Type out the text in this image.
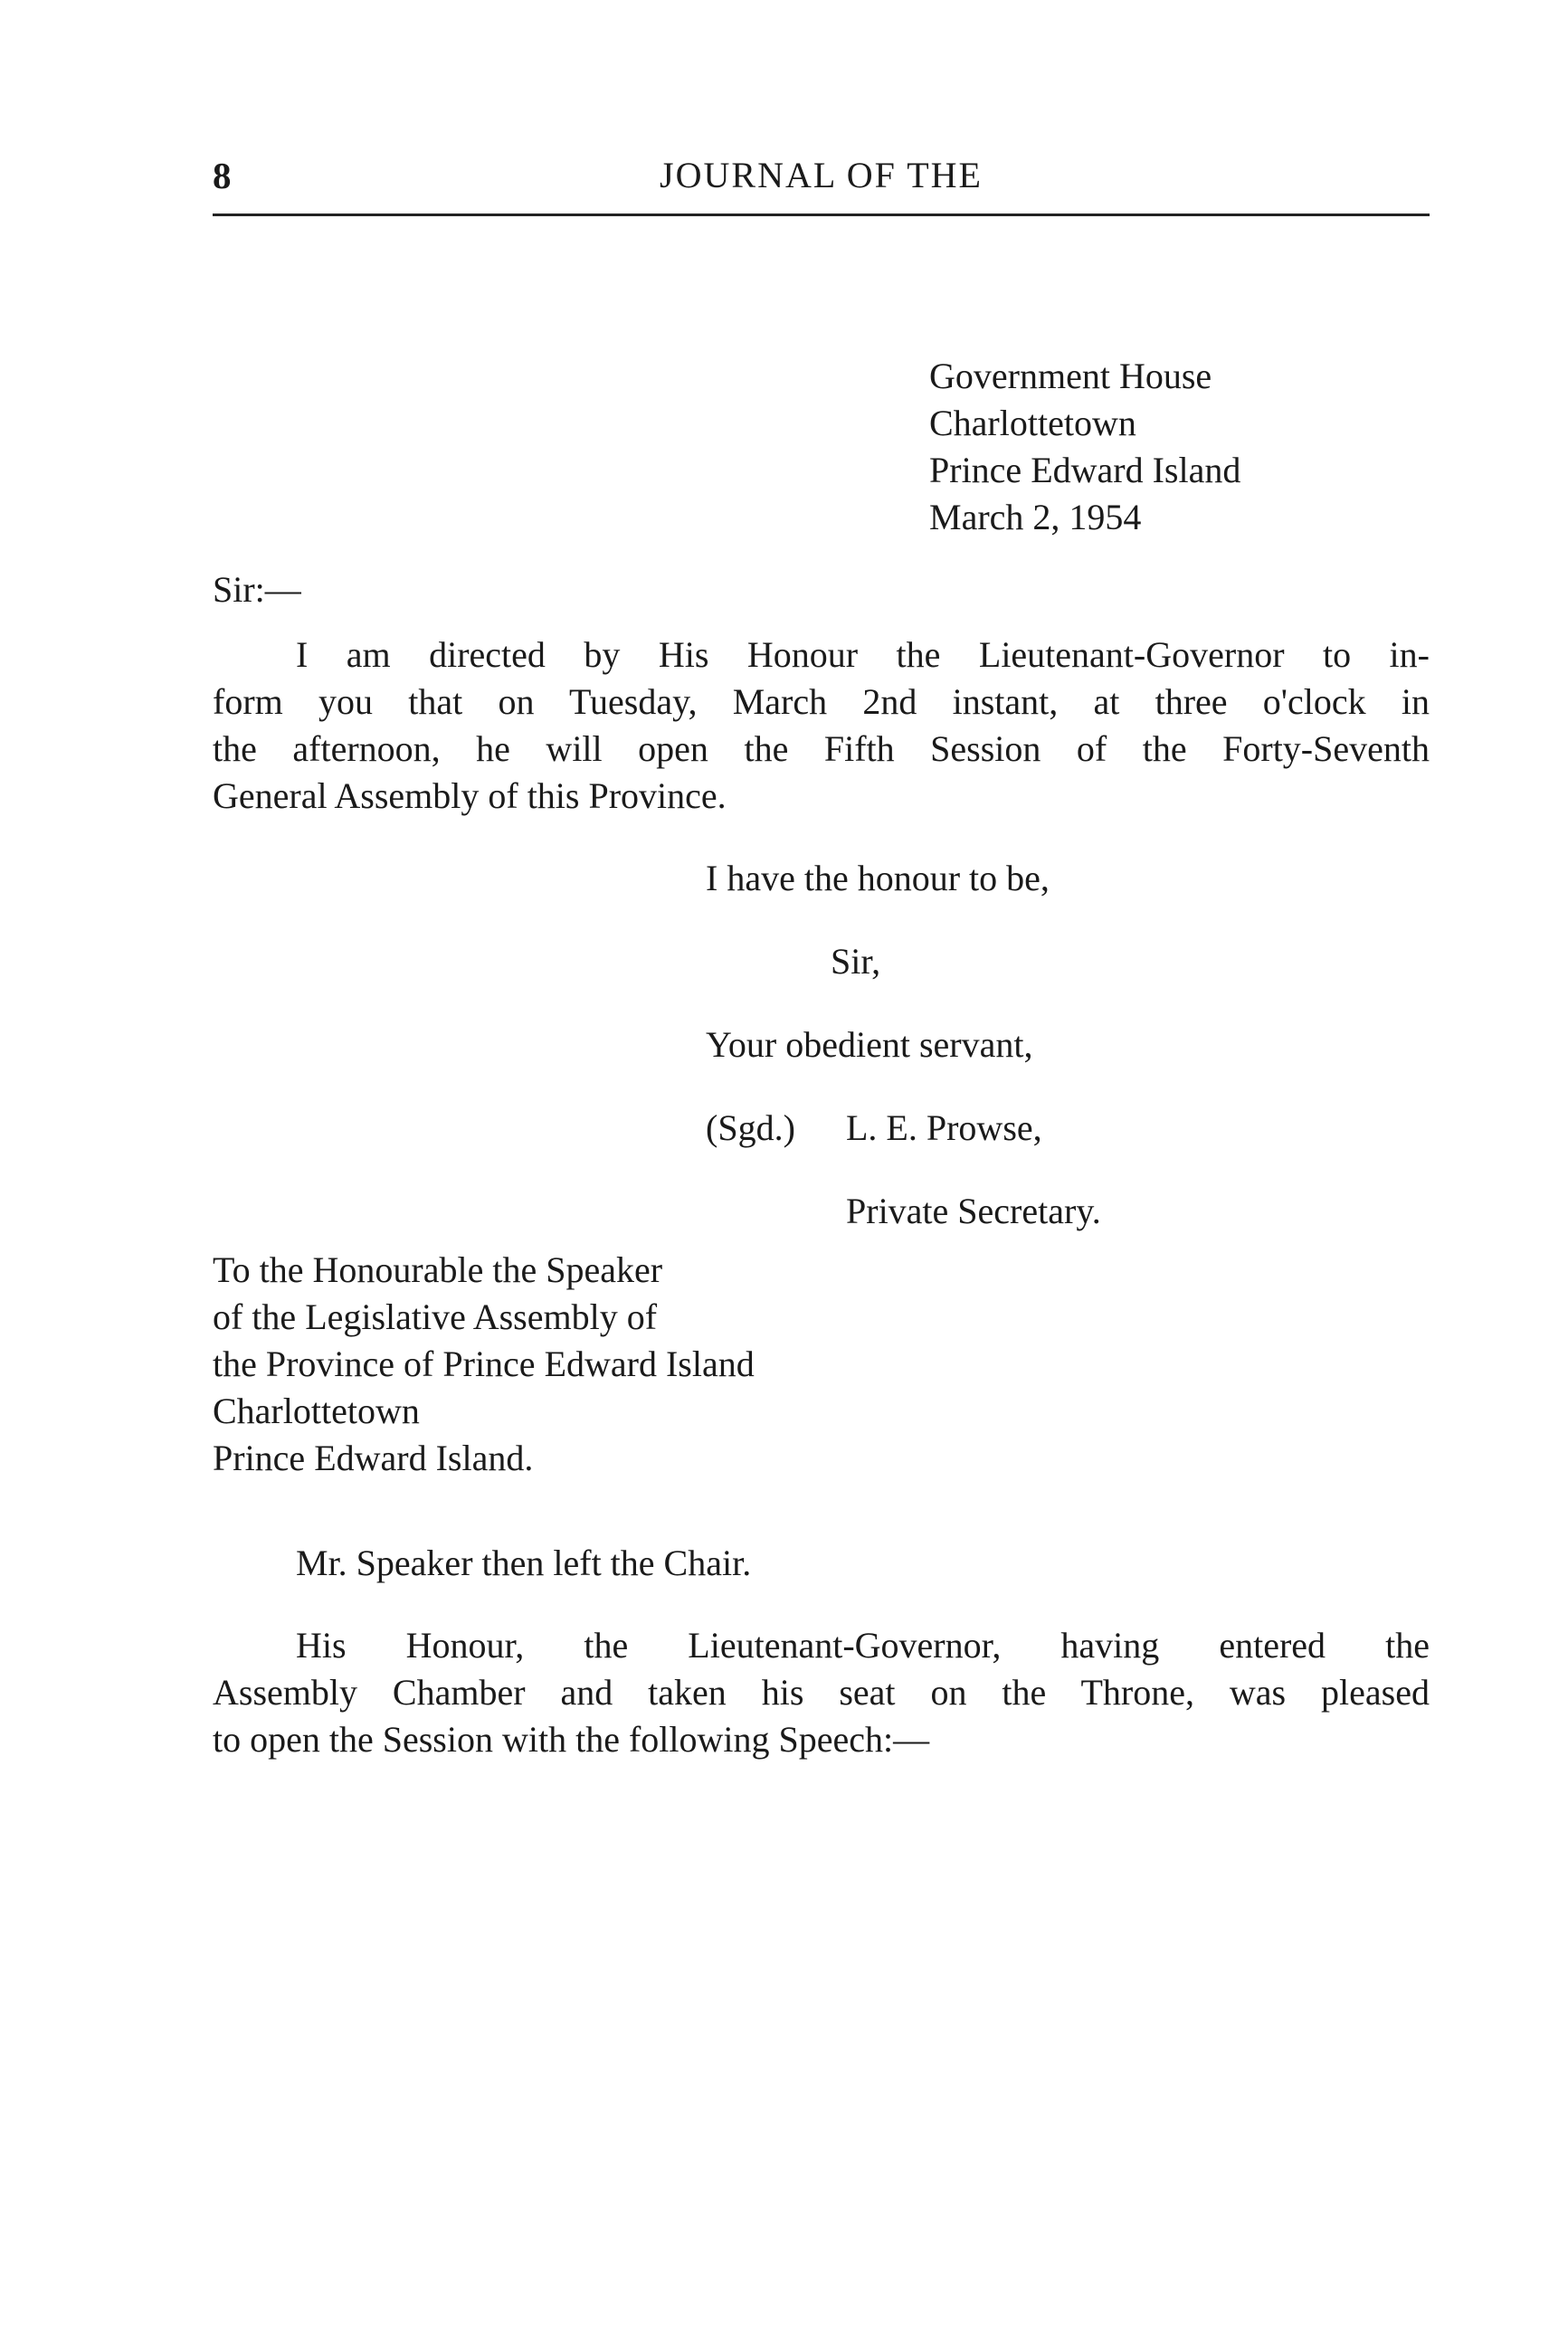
8	JOURNAL OF THE
Government House
Charlottetown
Prince Edward Island
March 2, 1954
Sir:—
I am directed by His Honour the Lieutenant-Governor to in-
form you that on Tuesday, March 2nd instant, at three o'clock in
the afternoon, he will open the Fifth Session of the Forty-Seventh
General Assembly of this Province.
I have the honour to be,
Sir,
Your obedient servant,
(Sgd.) L. E. Prowse,
Private Secretary.
To the Honourable the Speaker
of the Legislative Assembly of
the Province of Prince Edward Island
Charlottetown
Prince Edward Island.
Mr. Speaker then left the Chair.
His Honour, the Lieutenant-Governor, having entered the
Assembly Chamber and taken his seat on the Throne, was pleased
to open the Session with the following Speech:—
